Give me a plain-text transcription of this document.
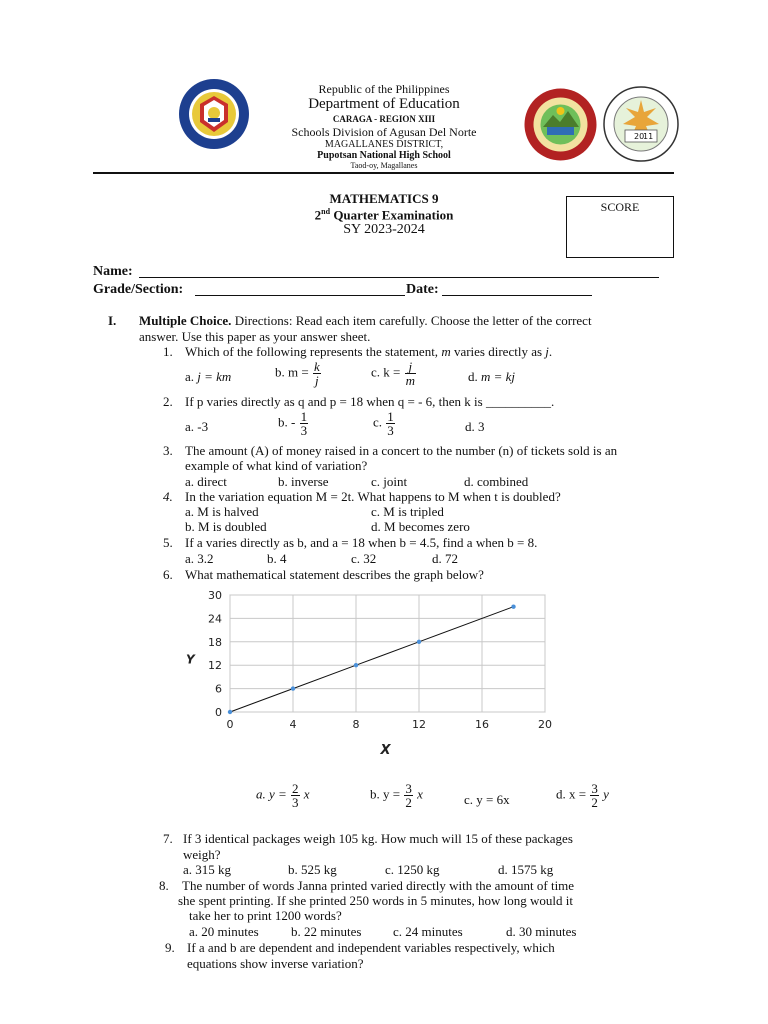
20
11
Republic of the Philippines
Department of Education
CARAGA - REGION XIII
Schools Division of Agusan Del Norte
MAGALLANES DISTRICT,
Pupotsan National High School
Taod-oy, Magallanes
MATHEMATICS 9
2nd Quarter Examination
SY 2023-2024
SCORE
Name:
Grade/Section:	Date:
I. Multiple Choice. Directions: Read each item carefully. Choose the letter of the correct
answer. Use this paper as your answer sheet.
1. Which of the following represents the statement, m varies directly as j.
a. j = km	b. $m = \frac{k}{j}$	c. $k = \frac{j}{m}$	d. m = kj
2. If p varies directly as q and p = 18 when q = - 6, then k is __________.
a. -3	b. - $\frac{1}{3}$	c. $\frac{1}{3}$	d. 3
3. The amount (A) of money raised in a concert to the number (n) of tickets sold is an
example of what kind of variation?
a. direct	b. inverse	c. joint	d. combined
4. In the variation equation M = 2t. What happens to M when t is doubled?
a. M is halved	c. M is tripled
b. M is doubled	d. M becomes zero
5. If a varies directly as b, and a = 18 when b = 4.5, find a when b = 8.
a. 3.2	b. 4	c. 32	d. 72
6. What mathematical statement describes the graph below?
0
6
12
18
24
30
0	4	8	12	16	20
X
Y
a. $y = \frac{2}{3}$ x	b. $y = \frac{3}{2}$ x	c. y = 6x	d. $x = \frac{3}{2}$ y
7. If 3 identical packages weigh 105 kg. How much will 15 of these packages
weigh?
a. 315 kg	b. 525 kg	c. 1250 kg	d. 1575 kg
8. The number of words Janna printed varied directly with the amount of time
she spent printing. If she printed 250 words in 5 minutes, how long would it
take her to print 1200 words?
a. 20 minutes b. 22 minutes c. 24 minutes	d. 30 minutes
9. If a and b are dependent and independent variables respectively, which
equations show inverse variation?
